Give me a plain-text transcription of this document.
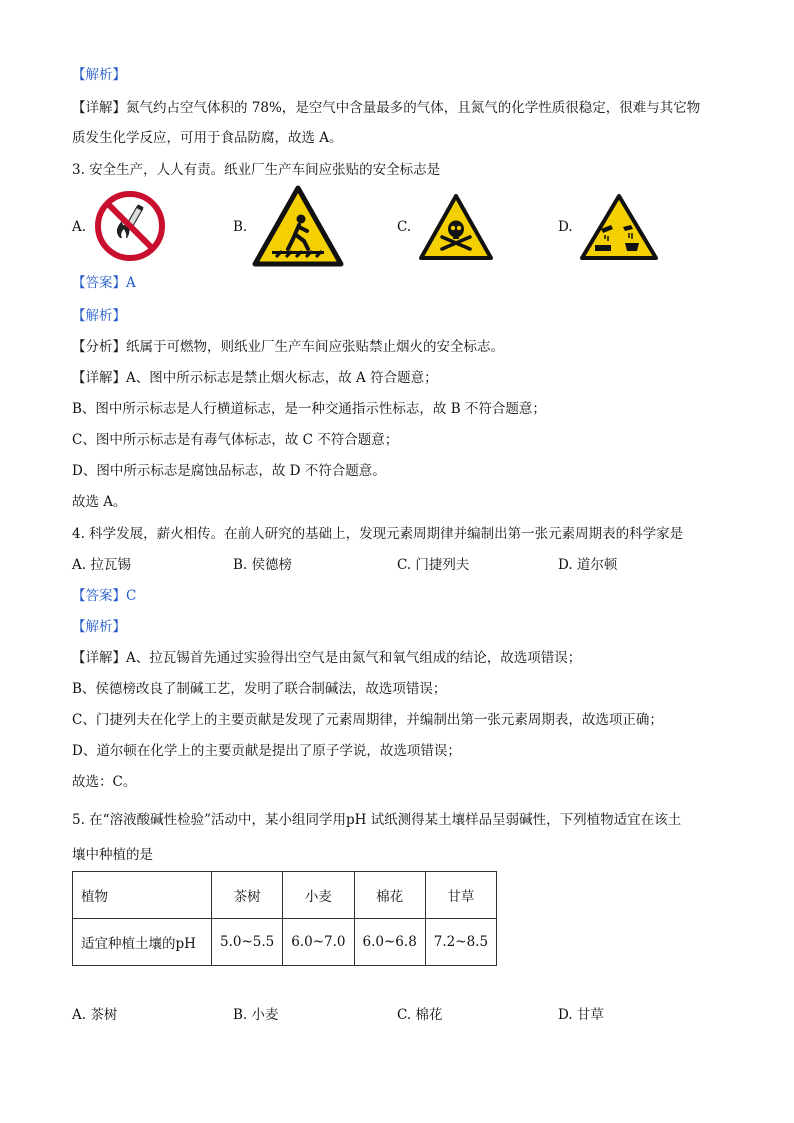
【解析】
【详解】氮气约占空气体积的 78%，是空气中含量最多的气体，且氮气的化学性质很稳定，很难与其它物
质发生化学反应，可用于食品防腐，故选 A。
3. 安全生产，人人有责。纸业厂生产车间应张贴的安全标志是
A.	B.	C.	D.
【答案】A
【解析】
【分析】纸属于可燃物，则纸业厂生产车间应张贴禁止烟火的安全标志。
【详解】A、图中所示标志是禁止烟火标志，故 A 符合题意；
B、图中所示标志是人行横道标志，是一种交通指示性标志，故 B 不符合题意；
C、图中所示标志是有毒气体标志，故 C 不符合题意；
D、图中所示标志是腐蚀品标志，故 D 不符合题意。
故选 A。
4. 科学发展，薪火相传。在前人研究的基础上，发现元素周期律并编制出第一张元素周期表的科学家是
A. 拉瓦锡	B. 侯德榜	C. 门捷列夫	D. 道尔顿
【答案】C
【解析】
【详解】A、拉瓦锡首先通过实验得出空气是由氮气和氧气组成的结论，故选项错误；
B、侯德榜改良了制碱工艺，发明了联合制碱法，故选项错误；
C、门捷列夫在化学上的主要贡献是发现了元素周期律，并编制出第一张元素周期表，故选项正确；
D、道尔顿在化学上的主要贡献是提出了原子学说，故选项错误；
故选：C。
5. 在“溶液酸碱性检验”活动中，某小组同学用pH 试纸测得某土壤样品呈弱碱性，下列植物适宜在该土
壤中种植的是
植物	茶树	小麦	棉花	甘草
适宜种植土壤的pH	5.0~5.5	6.0~7.0	6.0~6.8	7.2~8.5
A. 茶树	B. 小麦	C. 棉花	D. 甘草
